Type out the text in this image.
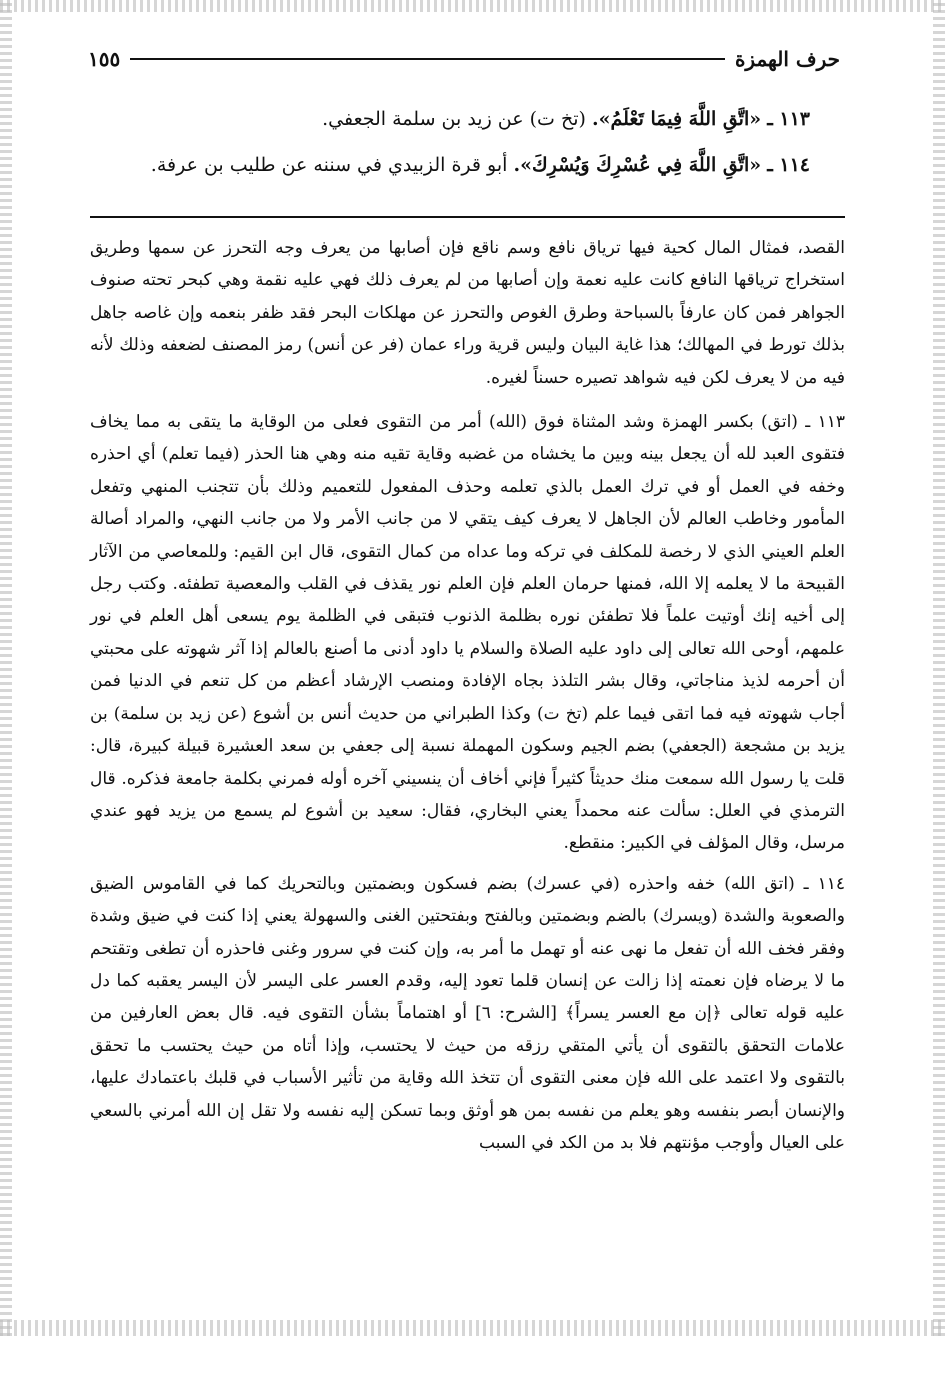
حرف الهمزة
١٥٥
١١٣ ـ «اتَّقِ اللَّهَ فِيمَا تَعْلَمُ». (تخ ت) عن زيد بن سلمة الجعفي.
١١٤ ـ «اتَّقِ اللَّهَ فِي عُسْرِكَ وَيُسْرِكَ». أبو قرة الزبيدي في سننه عن طليب بن عرفة.

القصد، فمثال المال كحية فيها ترياق نافع وسم ناقع فإن أصابها من يعرف وجه التحرز عن سمها وطريق استخراج ترياقها النافع كانت عليه نعمة وإن أصابها من لم يعرف ذلك فهي عليه نقمة وهي كبحر تحته صنوف الجواهر فمن كان عارفاً بالسباحة وطرق الغوص والتحرز عن مهلكات البحر فقد ظفر بنعمه وإن غاصه جاهل بذلك تورط في المهالك؛ هذا غاية البيان وليس قرية وراء عمان (فر عن أنس) رمز المصنف لضعفه وذلك لأنه فيه من لا يعرف لكن فيه شواهد تصيره حسناً لغيره.

١١٣ ـ (اتق) بكسر الهمزة وشد المثناة فوق (الله) أمر من التقوى فعلى من الوقاية ما يتقى به مما يخاف فتقوى العبد لله أن يجعل بينه وبين ما يخشاه من غضبه وقاية تقيه منه وهي هنا الحذر (فيما تعلم) أي احذره وخفه في العمل أو في ترك العمل بالذي تعلمه وحذف المفعول للتعميم وذلك بأن تتجنب المنهي وتفعل المأمور وخاطب العالم لأن الجاهل لا يعرف كيف يتقي لا من جانب الأمر ولا من جانب النهي، والمراد أصالة العلم العيني الذي لا رخصة للمكلف في تركه وما عداه من كمال التقوى، قال ابن القيم: وللمعاصي من الآثار القبيحة ما لا يعلمه إلا الله، فمنها حرمان العلم فإن العلم نور يقذف في القلب والمعصية تطفئه. وكتب رجل إلى أخيه إنك أوتيت علماً فلا تطفئن نوره بظلمة الذنوب فتبقى في الظلمة يوم يسعى أهل العلم في نور علمهم، أوحى الله تعالى إلى داود عليه الصلاة والسلام يا داود أدنى ما أصنع بالعالم إذا آثر شهوته على محبتي أن أحرمه لذيذ مناجاتي، وقال بشر التلذذ بجاه الإفادة ومنصب الإرشاد أعظم من كل تنعم في الدنيا فمن أجاب شهوته فيه فما اتقى فيما علم (تخ ت) وكذا الطبراني من حديث أنس بن أشوع (عن زيد بن سلمة) بن يزيد بن مشجعة (الجعفي) بضم الجيم وسكون المهملة نسبة إلى جعفي بن سعد العشيرة قبيلة كبيرة، قال: قلت يا رسول الله سمعت منك حديثاً كثيراً فإني أخاف أن ينسيني آخره أوله فمرني بكلمة جامعة فذكره. قال الترمذي في العلل: سألت عنه محمداً يعني البخاري، فقال: سعيد بن أشوع لم يسمع من يزيد فهو عندي مرسل، وقال المؤلف في الكبير: منقطع.

١١٤ ـ (اتق الله) خفه واحذره (في عسرك) بضم فسكون وبضمتين وبالتحريك كما في القاموس الضيق والصعوبة والشدة (ويسرك) بالضم وبضمتين وبالفتح وبفتحتين الغنى والسهولة يعني إذا كنت في ضيق وشدة وفقر فخف الله أن تفعل ما نهى عنه أو تهمل ما أمر به، وإن كنت في سرور وغنى فاحذره أن تطغى وتقتحم ما لا يرضاه فإن نعمته إذا زالت عن إنسان قلما تعود إليه، وقدم العسر على اليسر لأن اليسر يعقبه كما دل عليه قوله تعالى ﴿إن مع العسر يسراً﴾ [الشرح: ٦] أو اهتماماً بشأن التقوى فيه. قال بعض العارفين من علامات التحقق بالتقوى أن يأتي المتقي رزقه من حيث لا يحتسب، وإذا أتاه من حيث يحتسب ما تحقق بالتقوى ولا اعتمد على الله فإن معنى التقوى أن تتخذ الله وقاية من تأثير الأسباب في قلبك باعتمادك عليها، والإنسان أبصر بنفسه وهو يعلم من نفسه بمن هو أوثق وبما تسكن إليه نفسه ولا تقل إن الله أمرني بالسعي على العيال وأوجب مؤنتهم فلا بد من الكد في السبب
